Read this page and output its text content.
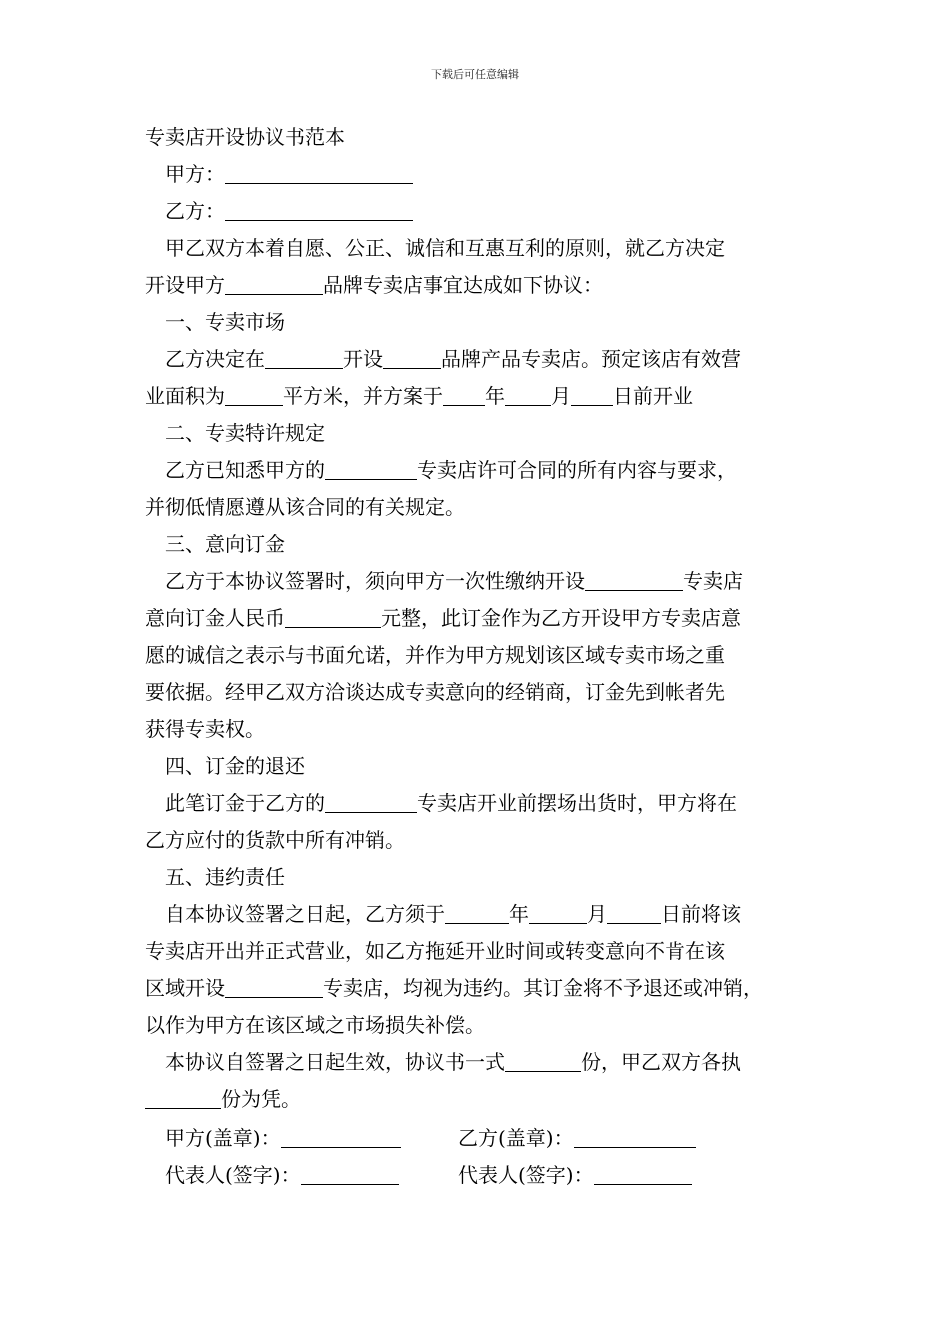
下载后可任意编辑
专卖店开设协议书范本
甲方：
乙方：
甲乙双方本着自愿、公正、诚信和互惠互利的原则，就乙方决定
开设甲方	品牌专卖店事宜达成如下协议：
一、专卖市场
乙方决定在	开设	品牌产品专卖店。预定该店有效营
业面积为	平方米，并方案于 年 月 日前开业
二、专卖特许规定
乙方已知悉甲方的	专卖店许可合同的所有内容与要求，
并彻低情愿遵从该合同的有关规定。
三、意向订金
乙方于本协议签署时，须向甲方一次性缴纳开设	专卖店
意向订金人民币	元整，此订金作为乙方开设甲方专卖店意
愿的诚信之表示与书面允诺，并作为甲方规划该区域专卖市场之重
要依据。经甲乙双方洽谈达成专卖意向的经销商，订金先到帐者先
获得专卖权。
四、订金的退还
此笔订金于乙方的	专卖店开业前摆场出货时，甲方将在
乙方应付的货款中所有冲销。
五、违约责任
自本协议签署之日起，乙方须于	年	月	日前将该
专卖店开出并正式营业，如乙方拖延开业时间或转变意向不肯在该
区域开设	专卖店，均视为违约。其订金将不予退还或冲销，
以作为甲方在该区域之市场损失补偿。
本协议自签署之日起生效，协议书一式	份，甲乙双方各执
份为凭。
甲方(盖章)：	乙方(盖章)：
代表人(签字)：	代表人(签字)：
